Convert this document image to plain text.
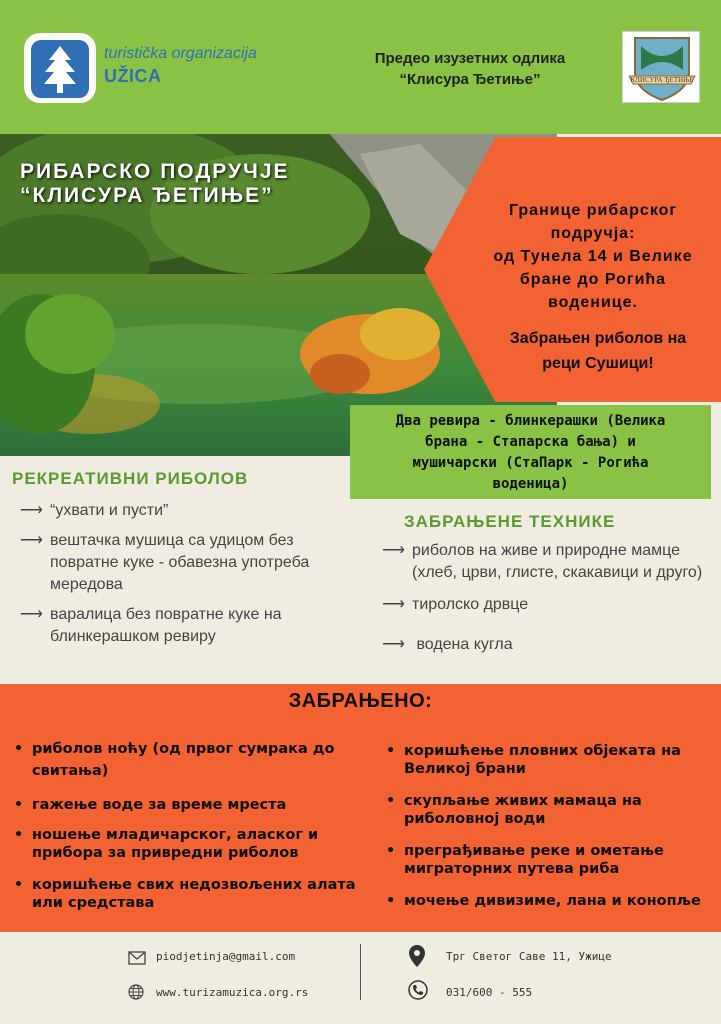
turistička organizacija
UŽICA
Предео изузетних одлика
“Клисура Ђетиње”	КЛИСУРА ЂЕТИЊЕ
РИБАРСКО ПОДРУЧЈЕ
“КЛИСУРА ЂЕТИЊЕ”
Границе рибарског
подручја:
од Тунела 14 и Велике
бране до Рогића
воденице.
Забрањен риболов на
реци Сушици!
Два ревира - блинкерашки (Велика
брана - Стапарска бања) и
мушичарски (СтаПарк - Рогића
воденица)
РЕКРЕАТИВНИ РИБОЛОВ
⟶ “ухвати и пусти”
⟶ вештачка мушица са удицом без повратне куке - обавезна употреба мередова
⟶ варалица без повратне куке на блинкерашком ревиру
ЗАБРАЊЕНЕ ТЕХНИКЕ
⟶ риболов на живе и природне мамце (хлеб, црви, глисте, скакавици и друго)
⟶ тиролско дрвце
⟶ водена кугла
ЗАБРАЊЕНО:
• риболов ноћу (од првог сумрака до свитања)
• гажење воде за време мреста
• ношење младичарског, аласког и прибора за привредни риболов
• коришћење свих недозвољених алата или средстава
• коришћење пловних објеката на Великој брани
• скупљање живих мамаца на риболовној води
• преграђивање реке и ометање миграторних путева риба
• мочење дивизиме, лана и конопље
piodjetinja@gmail.com
www.turizamuzica.org.rs
Трг Светог Саве 11, Ужице
031/600 - 555
